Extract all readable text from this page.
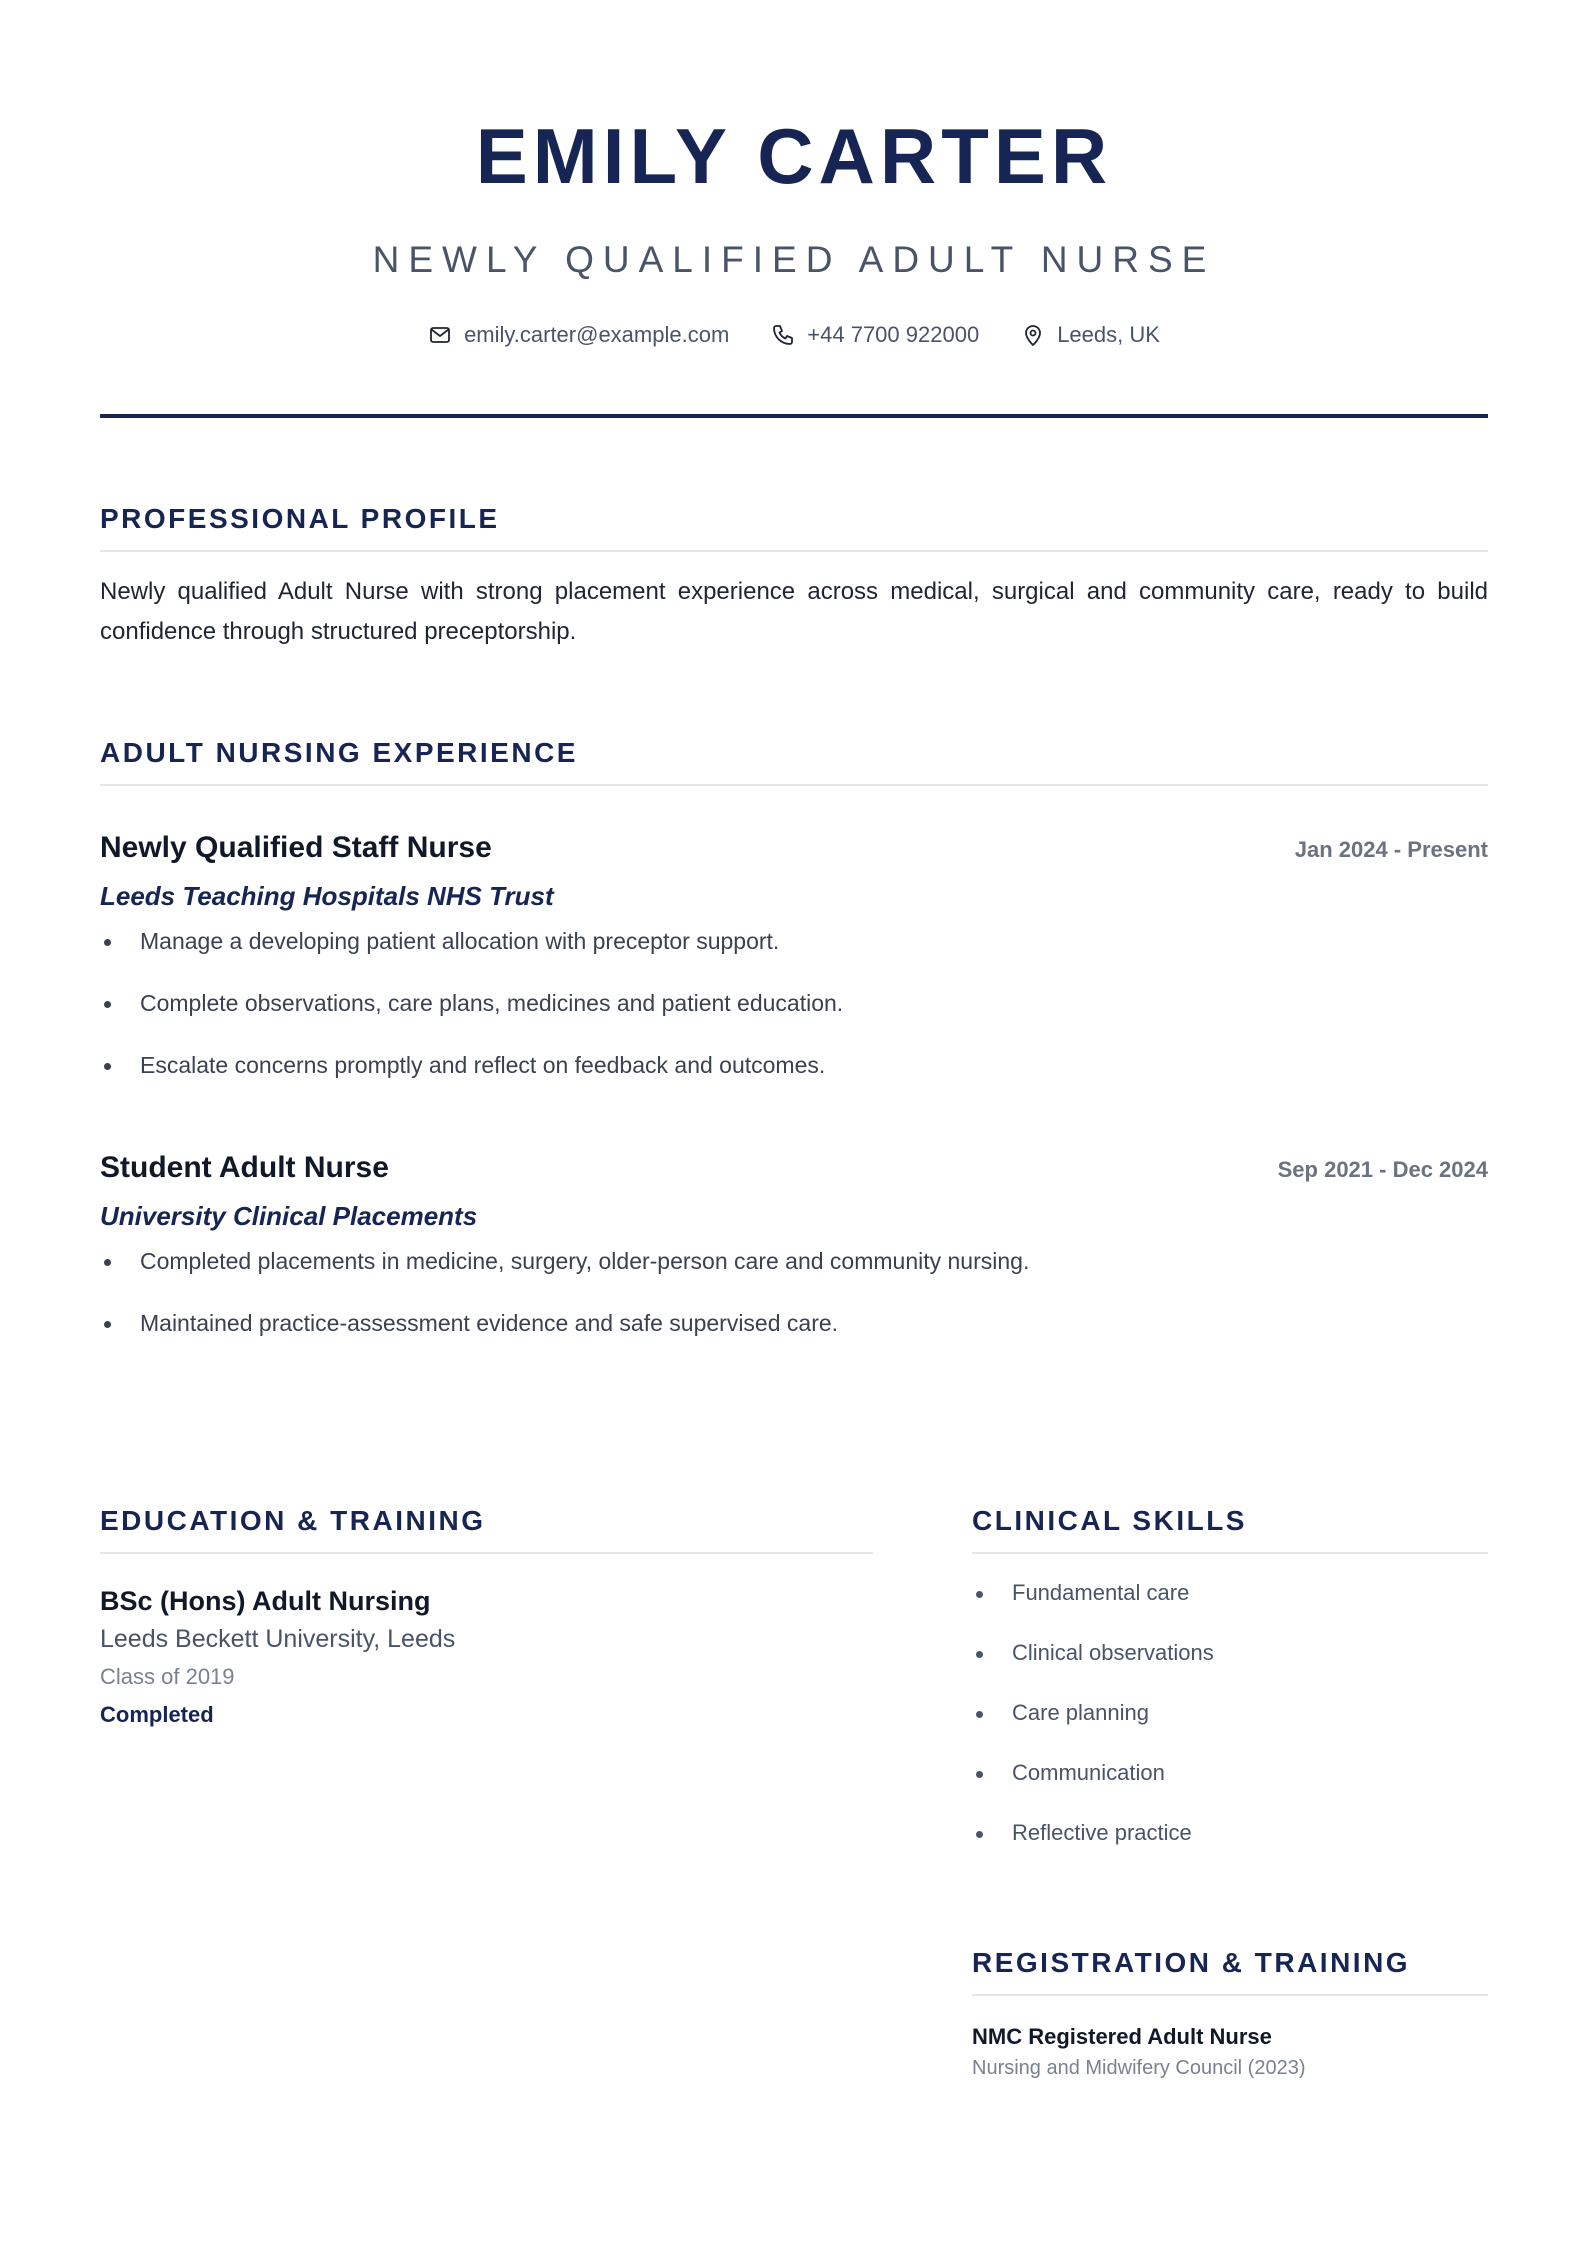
EMILY CARTER
NEWLY QUALIFIED ADULT NURSE
emily.carter@example.com	+44 7700 922000	Leeds, UK
PROFESSIONAL PROFILE

Newly qualified Adult Nurse with strong placement experience across medical, surgical and community care, ready to build confidence through structured preceptorship.

ADULT NURSING EXPERIENCE
Newly Qualified Staff Nurse	Jan 2024 - Present
Leeds Teaching Hospitals NHS Trust
Manage a developing patient allocation with preceptor support.
Complete observations, care plans, medicines and patient education.
Escalate concerns promptly and reflect on feedback and outcomes.
Student Adult Nurse	Sep 2021 - Dec 2024
University Clinical Placements
Completed placements in medicine, surgery, older-person care and community nursing.
Maintained practice-assessment evidence and safe supervised care.
EDUCATION & TRAINING
BSc (Hons) Adult Nursing
Leeds Beckett University, Leeds
Class of 2019
Completed
CLINICAL SKILLS
Fundamental care
Clinical observations
Care planning
Communication
Reflective practice
REGISTRATION & TRAINING
NMC Registered Adult Nurse
Nursing and Midwifery Council (2023)
